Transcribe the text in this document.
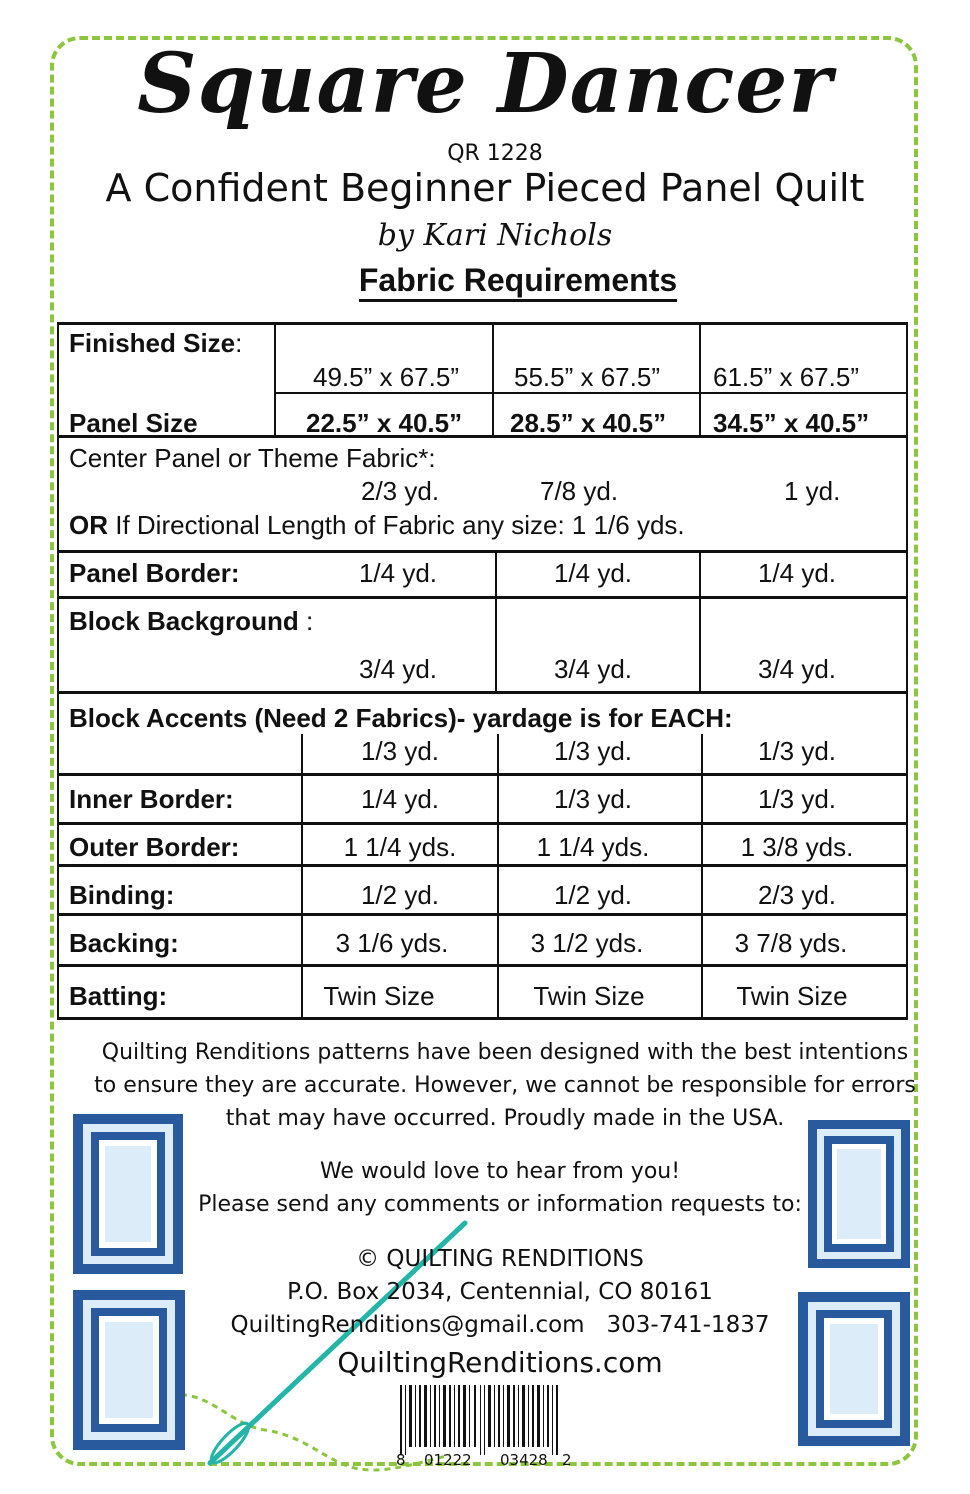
Square Dancer
QR 1228
A Confident Beginner Pieced Panel Quilt
by Kari Nichols
Fabric Requirements
Finished Size:
49.5” x 67.5” 55.5” x 67.5” 61.5” x 67.5”
Panel Size	22.5” x 40.5” 28.5” x 40.5” 34.5” x 40.5”
Center Panel or Theme Fabric*:
2/3 yd.	7/8 yd.	1 yd.
OR If Directional Length of Fabric any size: 1 1/6 yds.
Panel Border:	1/4 yd.	1/4 yd.	1/4 yd.
Block Background :
3/4 yd.	3/4 yd.	3/4 yd.
Block Accents (Need 2 Fabrics)- yardage is for EACH:
1/3 yd.	1/3 yd.	1/3 yd.
Inner Border:	1/4 yd.	1/3 yd.	1/3 yd.
Outer Border:	1 1/4 yds.	1 1/4 yds.	1 3/8 yds.
Binding:	1/2 yd.	1/2 yd.	2/3 yd.
Backing:	3 1/6 yds.	3 1/2 yds.	3 7/8 yds.
Batting:	Twin Size	Twin Size	Twin Size
Quilting Renditions patterns have been designed with the best intentions
to ensure they are accurate. However, we cannot be responsible for errors
that may have occurred. Proudly made in the USA.
We would love to hear from you!
Please send any comments or information requests to:
© QUILTING RENDITIONS
P.O. Box 2034, Centennial, CO 80161
QuiltingRenditions@gmail.com 303-741-1837
QuiltingRenditions.com
8 01222 03428 2
